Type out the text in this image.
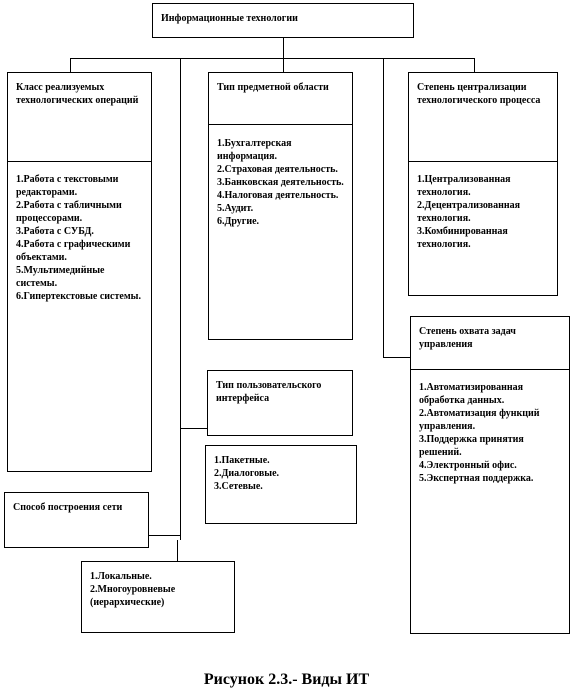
Информационные технологии
Класс реализуемых технологических операций
1.Работа с текстовыми редакторами.
2.Работа с табличными процессорами.
3.Работа с СУБД.
4.Работа с графическими объектами.
5.Мультимедийные системы.
6.Гипертекстовые системы.
Тип предметной области
1.Бухгалтерская информация.
2.Страховая деятельность.
3.Банковская деятельность.
4.Налоговая деятельность.
5.Аудит.
6.Другие.
Степень централизации технологического процесса
1.Централизованная технология.
2.Децентрализованная технология.
3.Комбинированная технология.
Степень охвата задач управления
1.Автоматизированная обработка данных.
2.Автоматизация функций управления.
3.Поддержка принятия решений.
4.Электронный офис.
5.Экспертная поддержка.
Тип пользовательского интерфейса
1.Пакетные.
2.Диалоговые.
3.Сетевые.
Способ построения сети
1.Локальные.
2.Многоуровневые (иерархические)
Рисунок 2.3.- Виды ИТ
